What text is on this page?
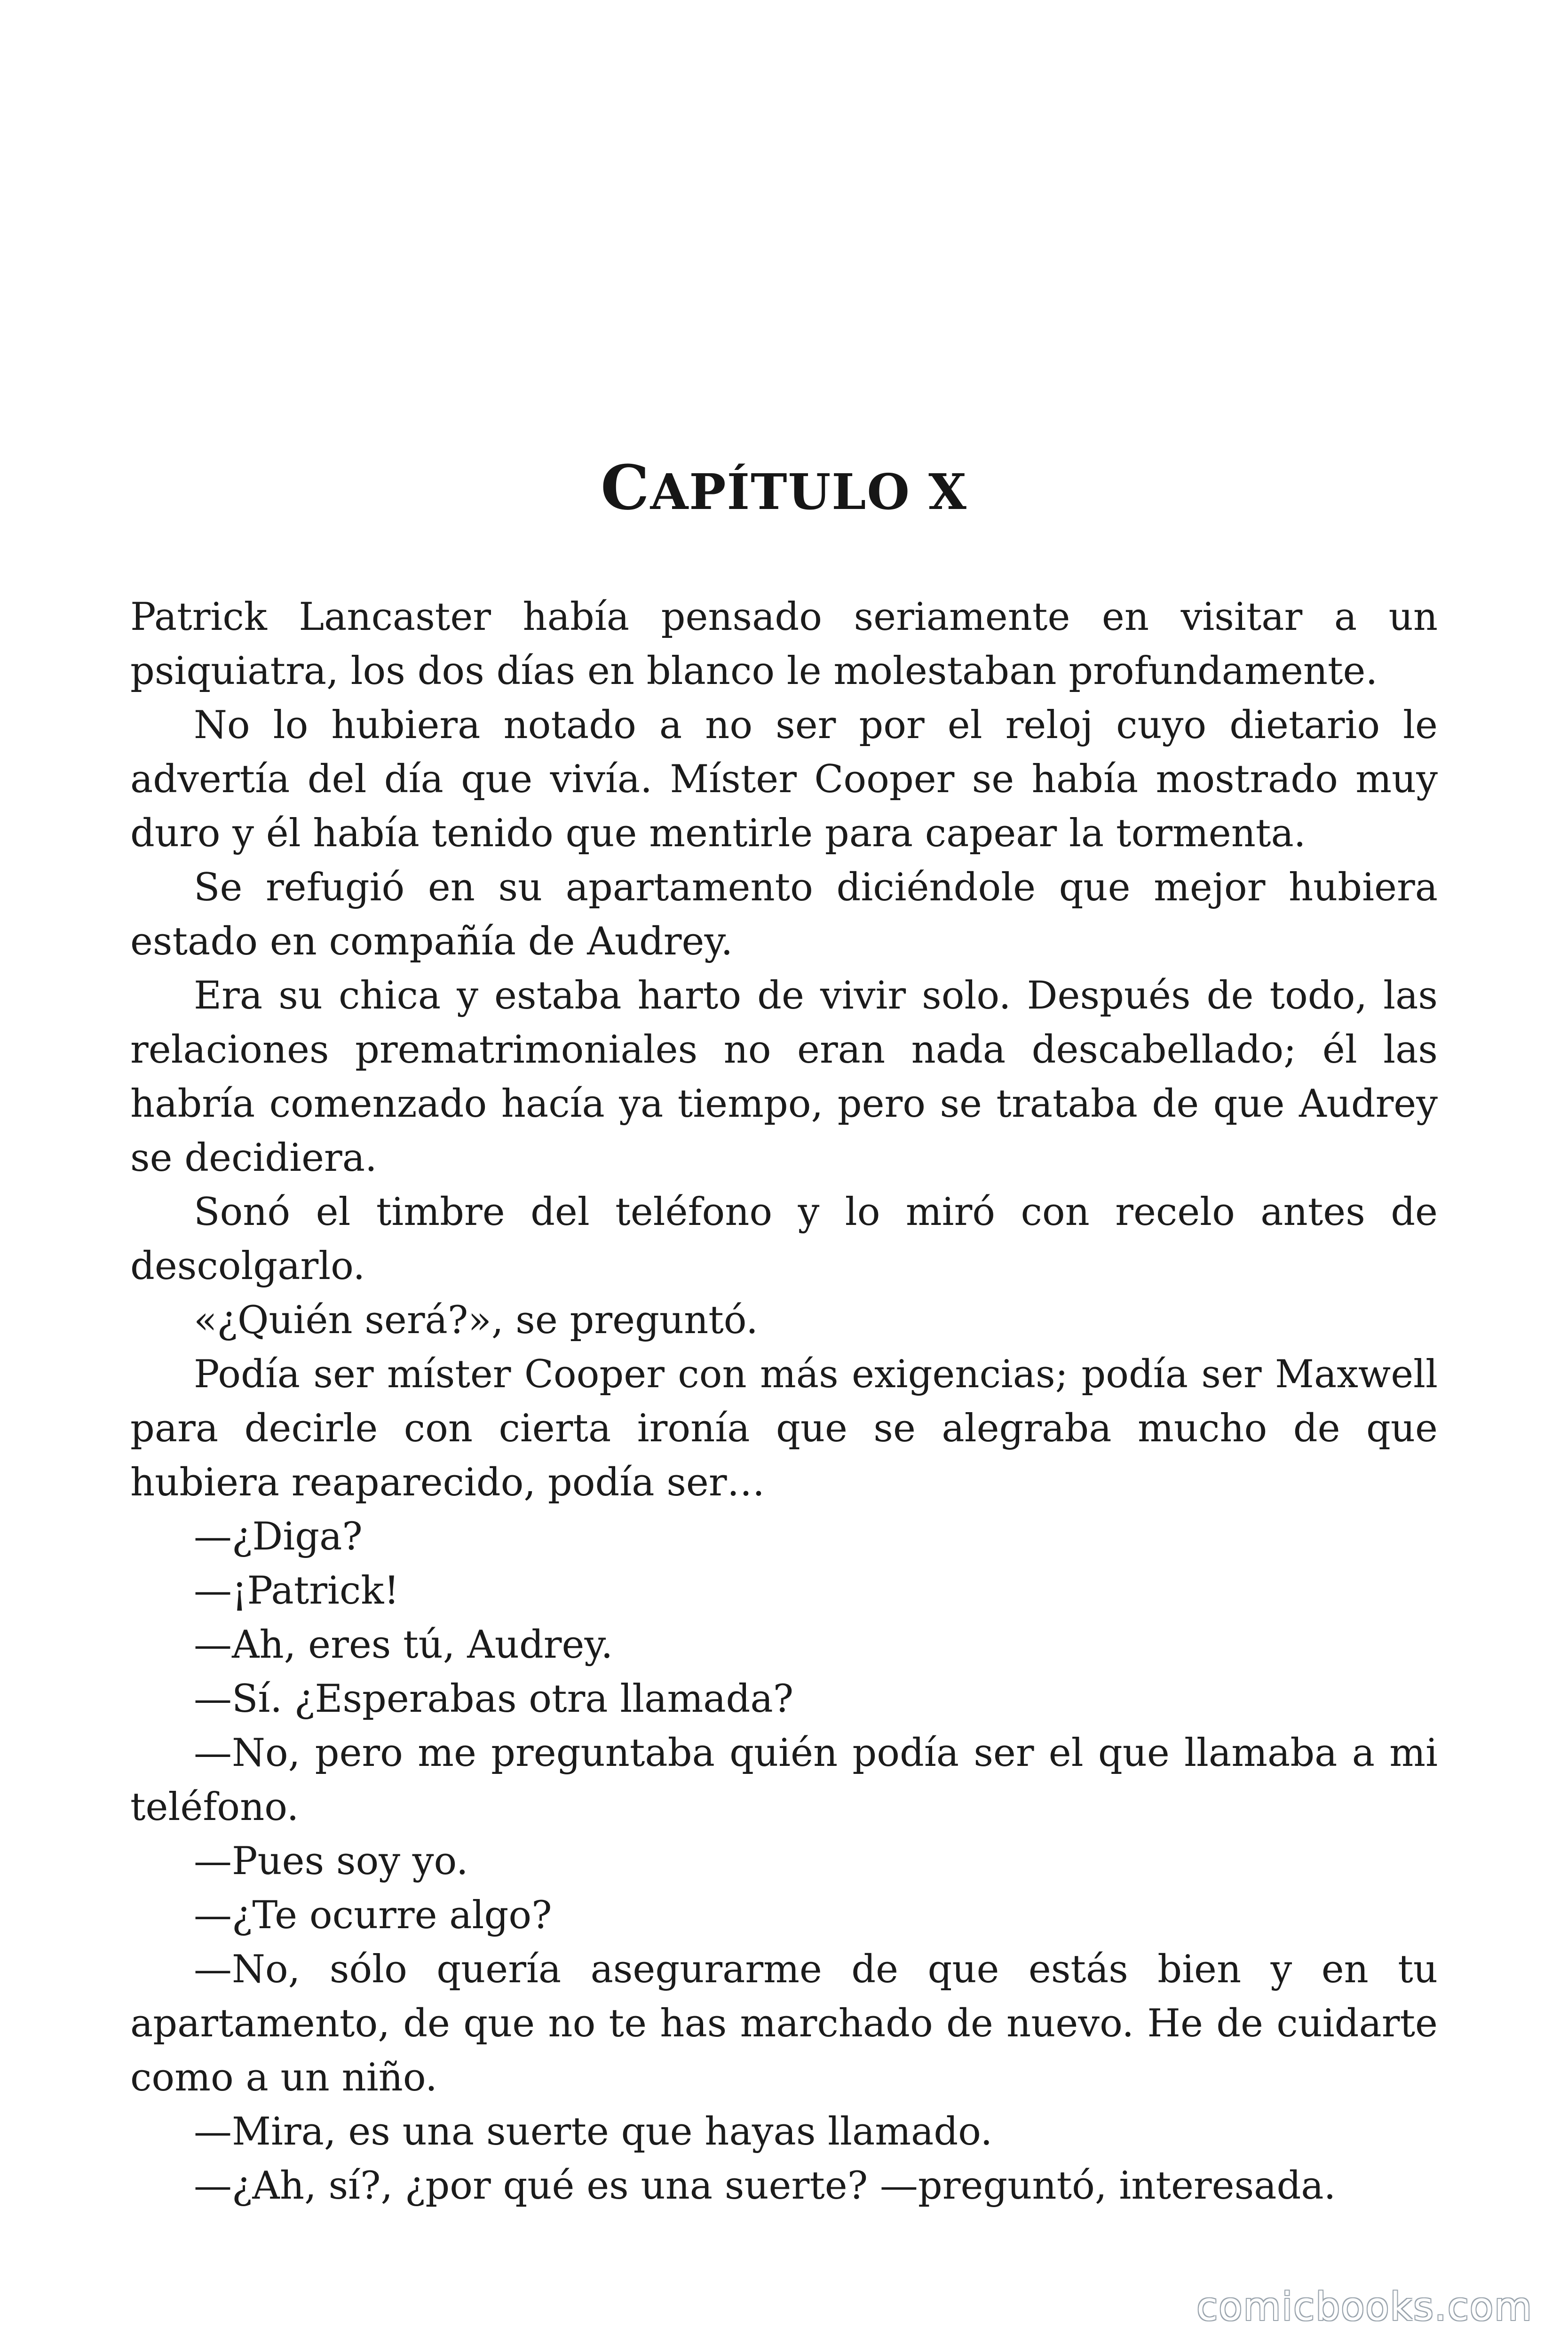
CAPÍTULO X

Patrick Lancaster había pensado seriamente en visitar a un psiquiatra, los dos días en blanco le molestaban profundamente.

No lo hubiera notado a no ser por el reloj cuyo dietario le advertía del día que vivía. Míster Cooper se había mostrado muy duro y él había tenido que mentirle para capear la tormenta.

Se refugió en su apartamento diciéndole que mejor hubiera estado en compañía de Audrey.

Era su chica y estaba harto de vivir solo. Después de todo, las relaciones prematrimoniales no eran nada descabellado; él las habría comenzado hacía ya tiempo, pero se trataba de que Audrey se decidiera.

Sonó el timbre del teléfono y lo miró con recelo antes de descolgarlo.

«¿Quién será?», se preguntó.

Podía ser míster Cooper con más exigencias; podía ser Maxwell para decirle con cierta ironía que se alegraba mucho de que hubiera reaparecido, podía ser…

—¿Diga?

—¡Patrick!

—Ah, eres tú, Audrey.

—Sí. ¿Esperabas otra llamada?

—No, pero me preguntaba quién podía ser el que llamaba a mi teléfono.

—Pues soy yo.

—¿Te ocurre algo?

—No, sólo quería asegurarme de que estás bien y en tu apartamento, de que no te has marchado de nuevo. He de cuidarte como a un niño.

—Mira, es una suerte que hayas llamado.

—¿Ah, sí?, ¿por qué es una suerte? —preguntó, interesada.

comicbooks.com
